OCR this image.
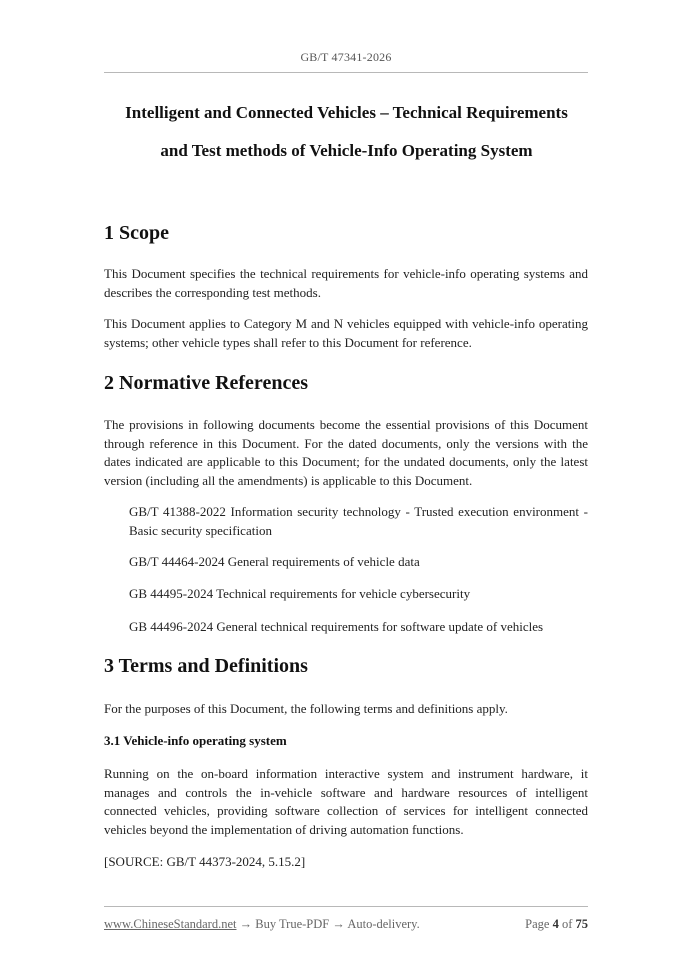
GB/T 47341-2026
Intelligent and Connected Vehicles – Technical Requirements
and Test methods of Vehicle-Info Operating System
1 Scope
This Document specifies the technical requirements for vehicle-info operating systems and describes the corresponding test methods.
This Document applies to Category M and N vehicles equipped with vehicle-info operating systems; other vehicle types shall refer to this Document for reference.
2 Normative References
The provisions in following documents become the essential provisions of this Document through reference in this Document. For the dated documents, only the versions with the dates indicated are applicable to this Document; for the undated documents, only the latest version (including all the amendments) is applicable to this Document.
GB/T 41388-2022 Information security technology - Trusted execution environment - Basic security specification
GB/T 44464-2024 General requirements of vehicle data
GB 44495-2024 Technical requirements for vehicle cybersecurity
GB 44496-2024 General technical requirements for software update of vehicles
3 Terms and Definitions
For the purposes of this Document, the following terms and definitions apply.
3.1 Vehicle-info operating system
Running on the on-board information interactive system and instrument hardware, it manages and controls the in-vehicle software and hardware resources of intelligent connected vehicles, providing software collection of services for intelligent connected vehicles beyond the implementation of driving automation functions.
[SOURCE: GB/T 44373-2024, 5.15.2]
www.ChineseStandard.net → Buy True-PDF → Auto-delivery.	Page 4 of 75
